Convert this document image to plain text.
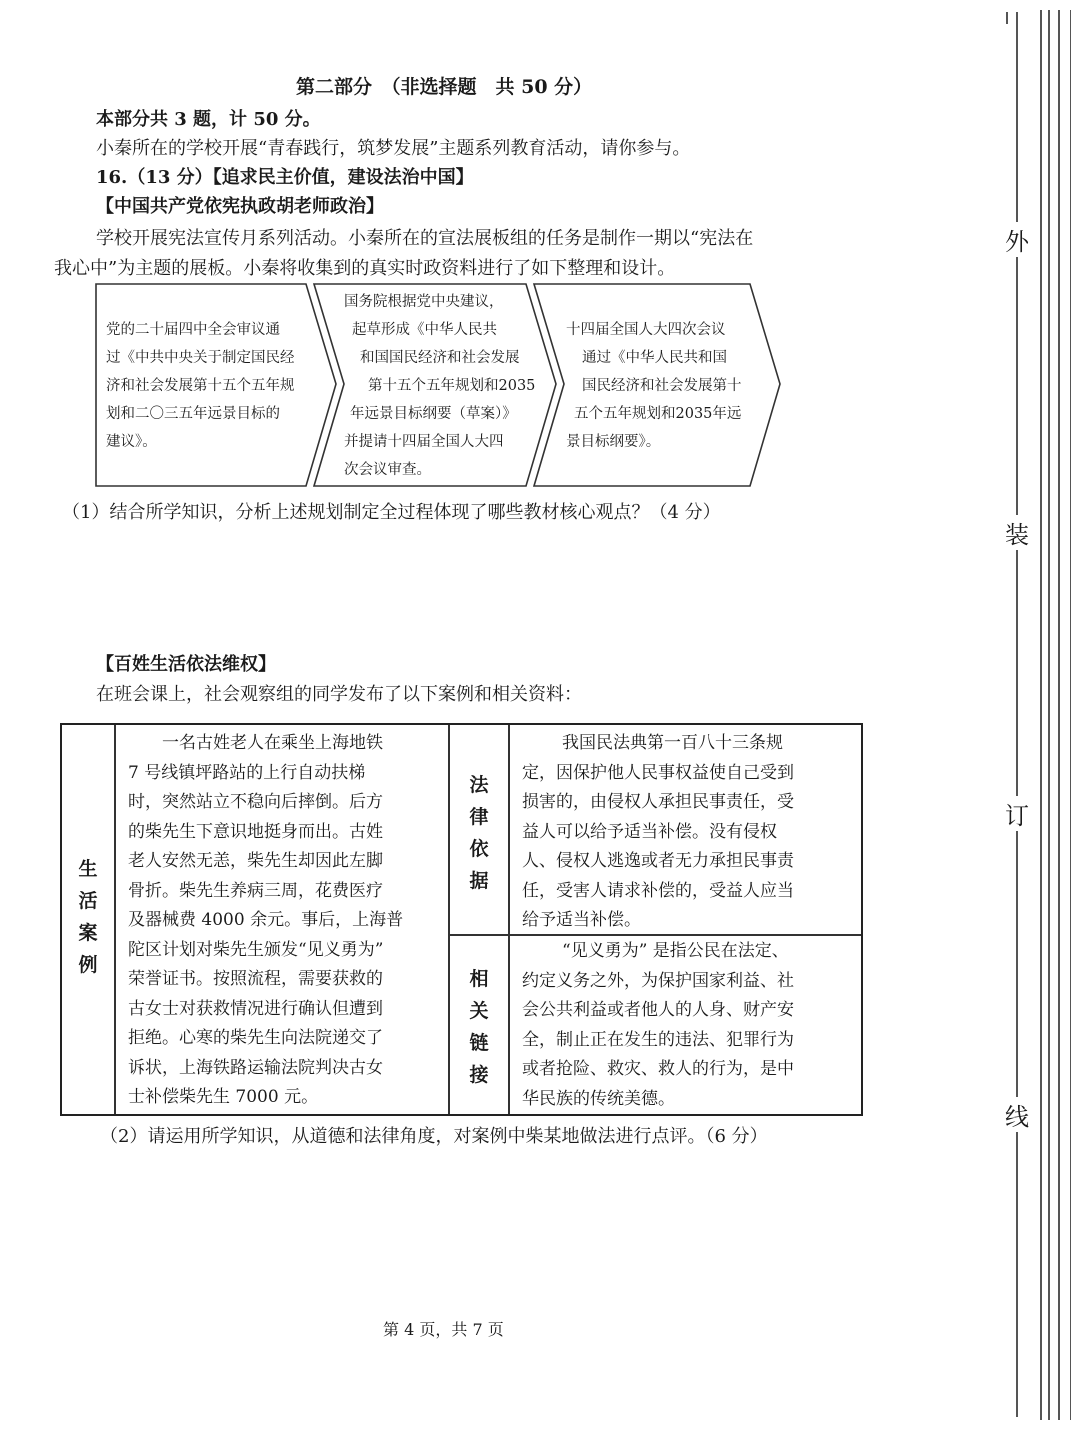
第二部分　（非选择题　共 50 分）
本部分共 3 题，计 50 分。
小秦所在的学校开展“青春践行，筑梦发展”主题系列教育活动，请你参与。
16.（13 分）【追求民主价值，建设法治中国】
【中国共产党依宪执政胡老师政治】
学校开展宪法宣传月系列活动。小秦所在的宣法展板组的任务是制作一期以“宪法在
我心中”为主题的展板。小秦将收集到的真实时政资料进行了如下整理和设计。
党的二十届四中全会审议通
过《中共中央关于制定国民经
济和社会发展第十五个五年规
划和二〇三五年远景目标的
建议》。
国务院根据党中央建议，
起草形成《中华人民共
和国国民经济和社会发展
第十五个五年规划和2035
年远景目标纲要（草案）》
并提请十四届全国人大四
次会议审查。
十四届全国人大四次会议
通过《中华人民共和国
国民经济和社会发展第十
五个五年规划和2035年远
景目标纲要》。
（1）结合所学知识，分析上述规划制定全过程体现了哪些教材核心观点？（4 分）
【百姓生活依法维权】
在班会课上，社会观察组的同学发布了以下案例和相关资料：
生
活
案
例
一名古姓老人在乘坐上海地铁
7 号线镇坪路站的上行自动扶梯
时，突然站立不稳向后摔倒。后方
的柴先生下意识地挺身而出。古姓
老人安然无恙，柴先生却因此左脚
骨折。柴先生养病三周，花费医疗
及器械费 4000 余元。事后，上海普
陀区计划对柴先生颁发“见义勇为”
荣誉证书。按照流程，需要获救的
古女士对获救情况进行确认但遭到
拒绝。心寒的柴先生向法院递交了
诉状，上海铁路运输法院判决古女
士补偿柴先生 7000 元。
法
律
依
据
我国民法典第一百八十三条规
定，因保护他人民事权益使自己受到
损害的，由侵权人承担民事责任，受
益人可以给予适当补偿。没有侵权
人、侵权人逃逸或者无力承担民事责
任，受害人请求补偿的，受益人应当
给予适当补偿。
相
关
链
接
“见义勇为” 是指公民在法定、
约定义务之外，为保护国家利益、社
会公共利益或者他人的人身、财产安
全，制止正在发生的违法、犯罪行为
或者抢险、救灾、救人的行为，是中
华民族的传统美德。
（2）请运用所学知识，从道德和法律角度，对案例中柴某地做法进行点评。（6 分）
第 4 页，共 7 页
外
装
订
线
